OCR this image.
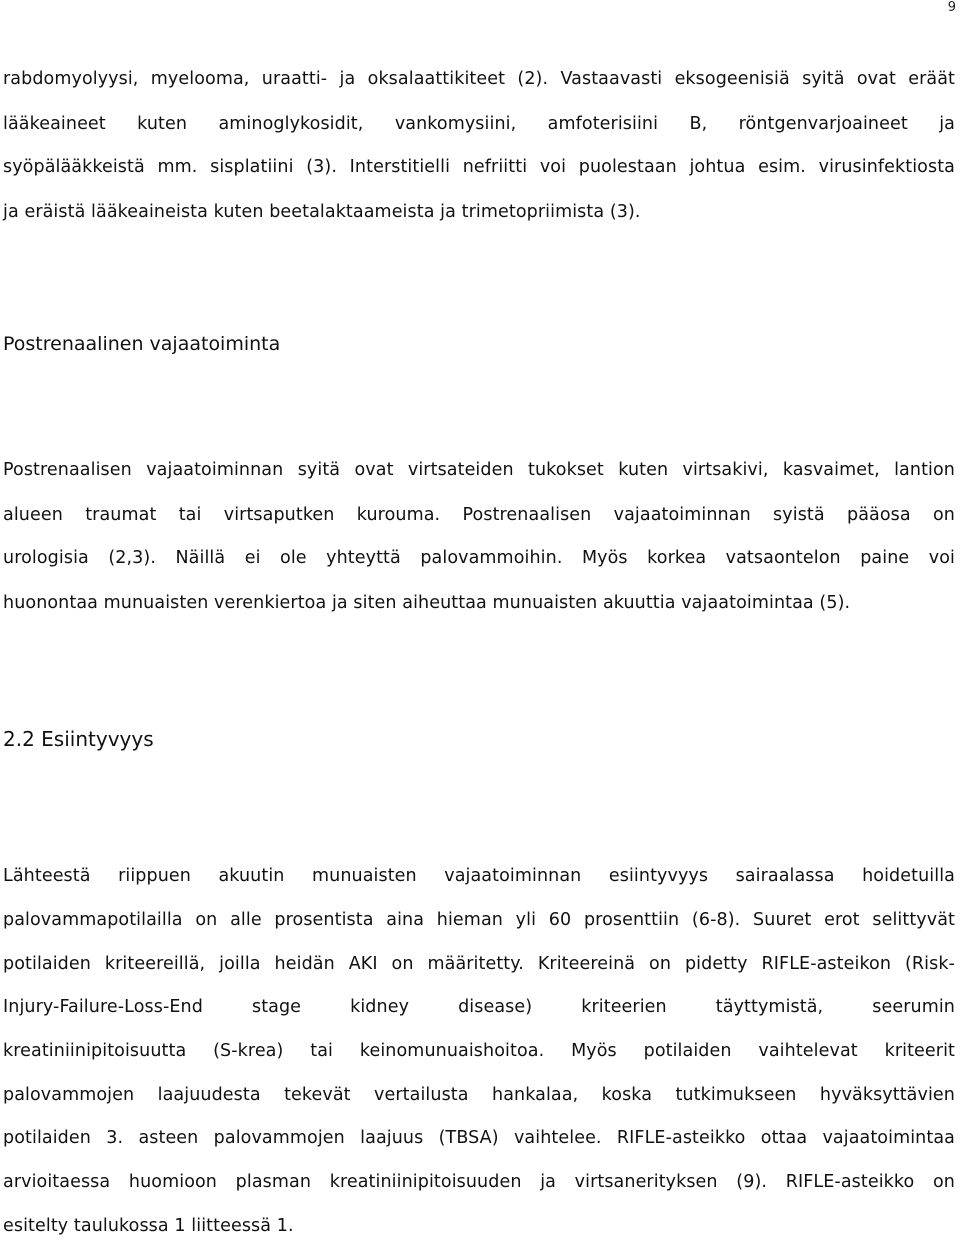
9
rabdomyolyysi, myelooma, uraatti- ja oksalaattikiteet (2). Vastaavasti eksogeenisiä syitä ovat eräät
lääkeaineet kuten aminoglykosidit, vankomysiini, amfoterisiini B, röntgenvarjoaineet ja
syöpälääkkeistä mm. sisplatiini (3). Interstitielli nefriitti voi puolestaan johtua esim. virusinfektiosta
ja eräistä lääkeaineista kuten beetalaktaameista ja trimetopriimista (3).
Postrenaalinen vajaatoiminta
Postrenaalisen vajaatoiminnan syitä ovat virtsateiden tukokset kuten virtsakivi, kasvaimet, lantion
alueen traumat tai virtsaputken kurouma. Postrenaalisen vajaatoiminnan syistä pääosa on
urologisia (2,3). Näillä ei ole yhteyttä palovammoihin. Myös korkea vatsaontelon paine voi
huonontaa munuaisten verenkiertoa ja siten aiheuttaa munuaisten akuuttia vajaatoimintaa (5).
2.2 Esiintyvyys
Lähteestä riippuen akuutin munuaisten vajaatoiminnan esiintyvyys sairaalassa hoidetuilla
palovammapotilailla on alle prosentista aina hieman yli 60 prosenttiin (6-8). Suuret erot selittyvät
potilaiden kriteereillä, joilla heidän AKI on määritetty. Kriteereinä on pidetty RIFLE-asteikon (Risk-
Injury-Failure-Loss-End stage kidney disease) kriteerien täyttymistä, seerumin
kreatiniinipitoisuutta (S-krea) tai keinomunuaishoitoa. Myös potilaiden vaihtelevat kriteerit
palovammojen laajuudesta tekevät vertailusta hankalaa, koska tutkimukseen hyväksyttävien
potilaiden 3. asteen palovammojen laajuus (TBSA) vaihtelee. RIFLE-asteikko ottaa vajaatoimintaa
arvioitaessa huomioon plasman kreatiniinipitoisuuden ja virtsanerityksen (9). RIFLE-asteikko on
esitelty taulukossa 1 liitteessä 1.
